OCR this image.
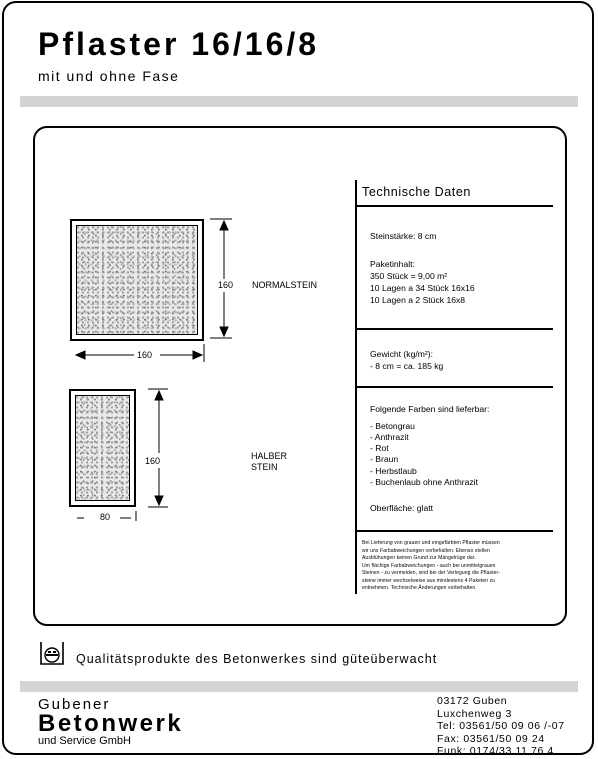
Pflaster 16/16/8
mit und ohne Fase
160 NORMALSTEIN
160
160	HALBER
STEIN
80
Technische Daten
Steinstärke: 8 cm
Paketinhalt:
350 Stück = 9,00 m²
10 Lagen a 34 Stück 16x16
10 Lagen a 2 Stück 16x8
Gewicht (kg/m²):
- 8 cm = ca. 185 kg
Folgende Farben sind lieferbar:
- Betongrau
- Anthrazit
- Rot
- Braun
- Herbstlaub
- Buchenlaub ohne Anthrazit
Oberfläche: glatt
Bei Lieferung von grauen und eingefärbten Pflaster müssen
wir uns Farbabweichungen vorbehalten. Ebenso stellen
Ausblühungen keinen Grund zur Mängelrüge dar.
Um flächige Farbabweichungen - auch bei unmittelgrauen
Steinen - zu vermeiden, sind bei der Verlegung die Pflaster-
steine immer wechselweise aus mindestens 4 Paketen zu
entnehmen. Technische Änderungen vorbehalten.
Qualitätsprodukte des Betonwerkes sind güteüberwacht
Gubener
Betonwerk
und Service GmbH
03172 Guben
Luxchenweg 3
Tel: 03561/50 09 06 /-07
Fax: 03561/50 09 24
Funk: 0174/33 11 76 4
